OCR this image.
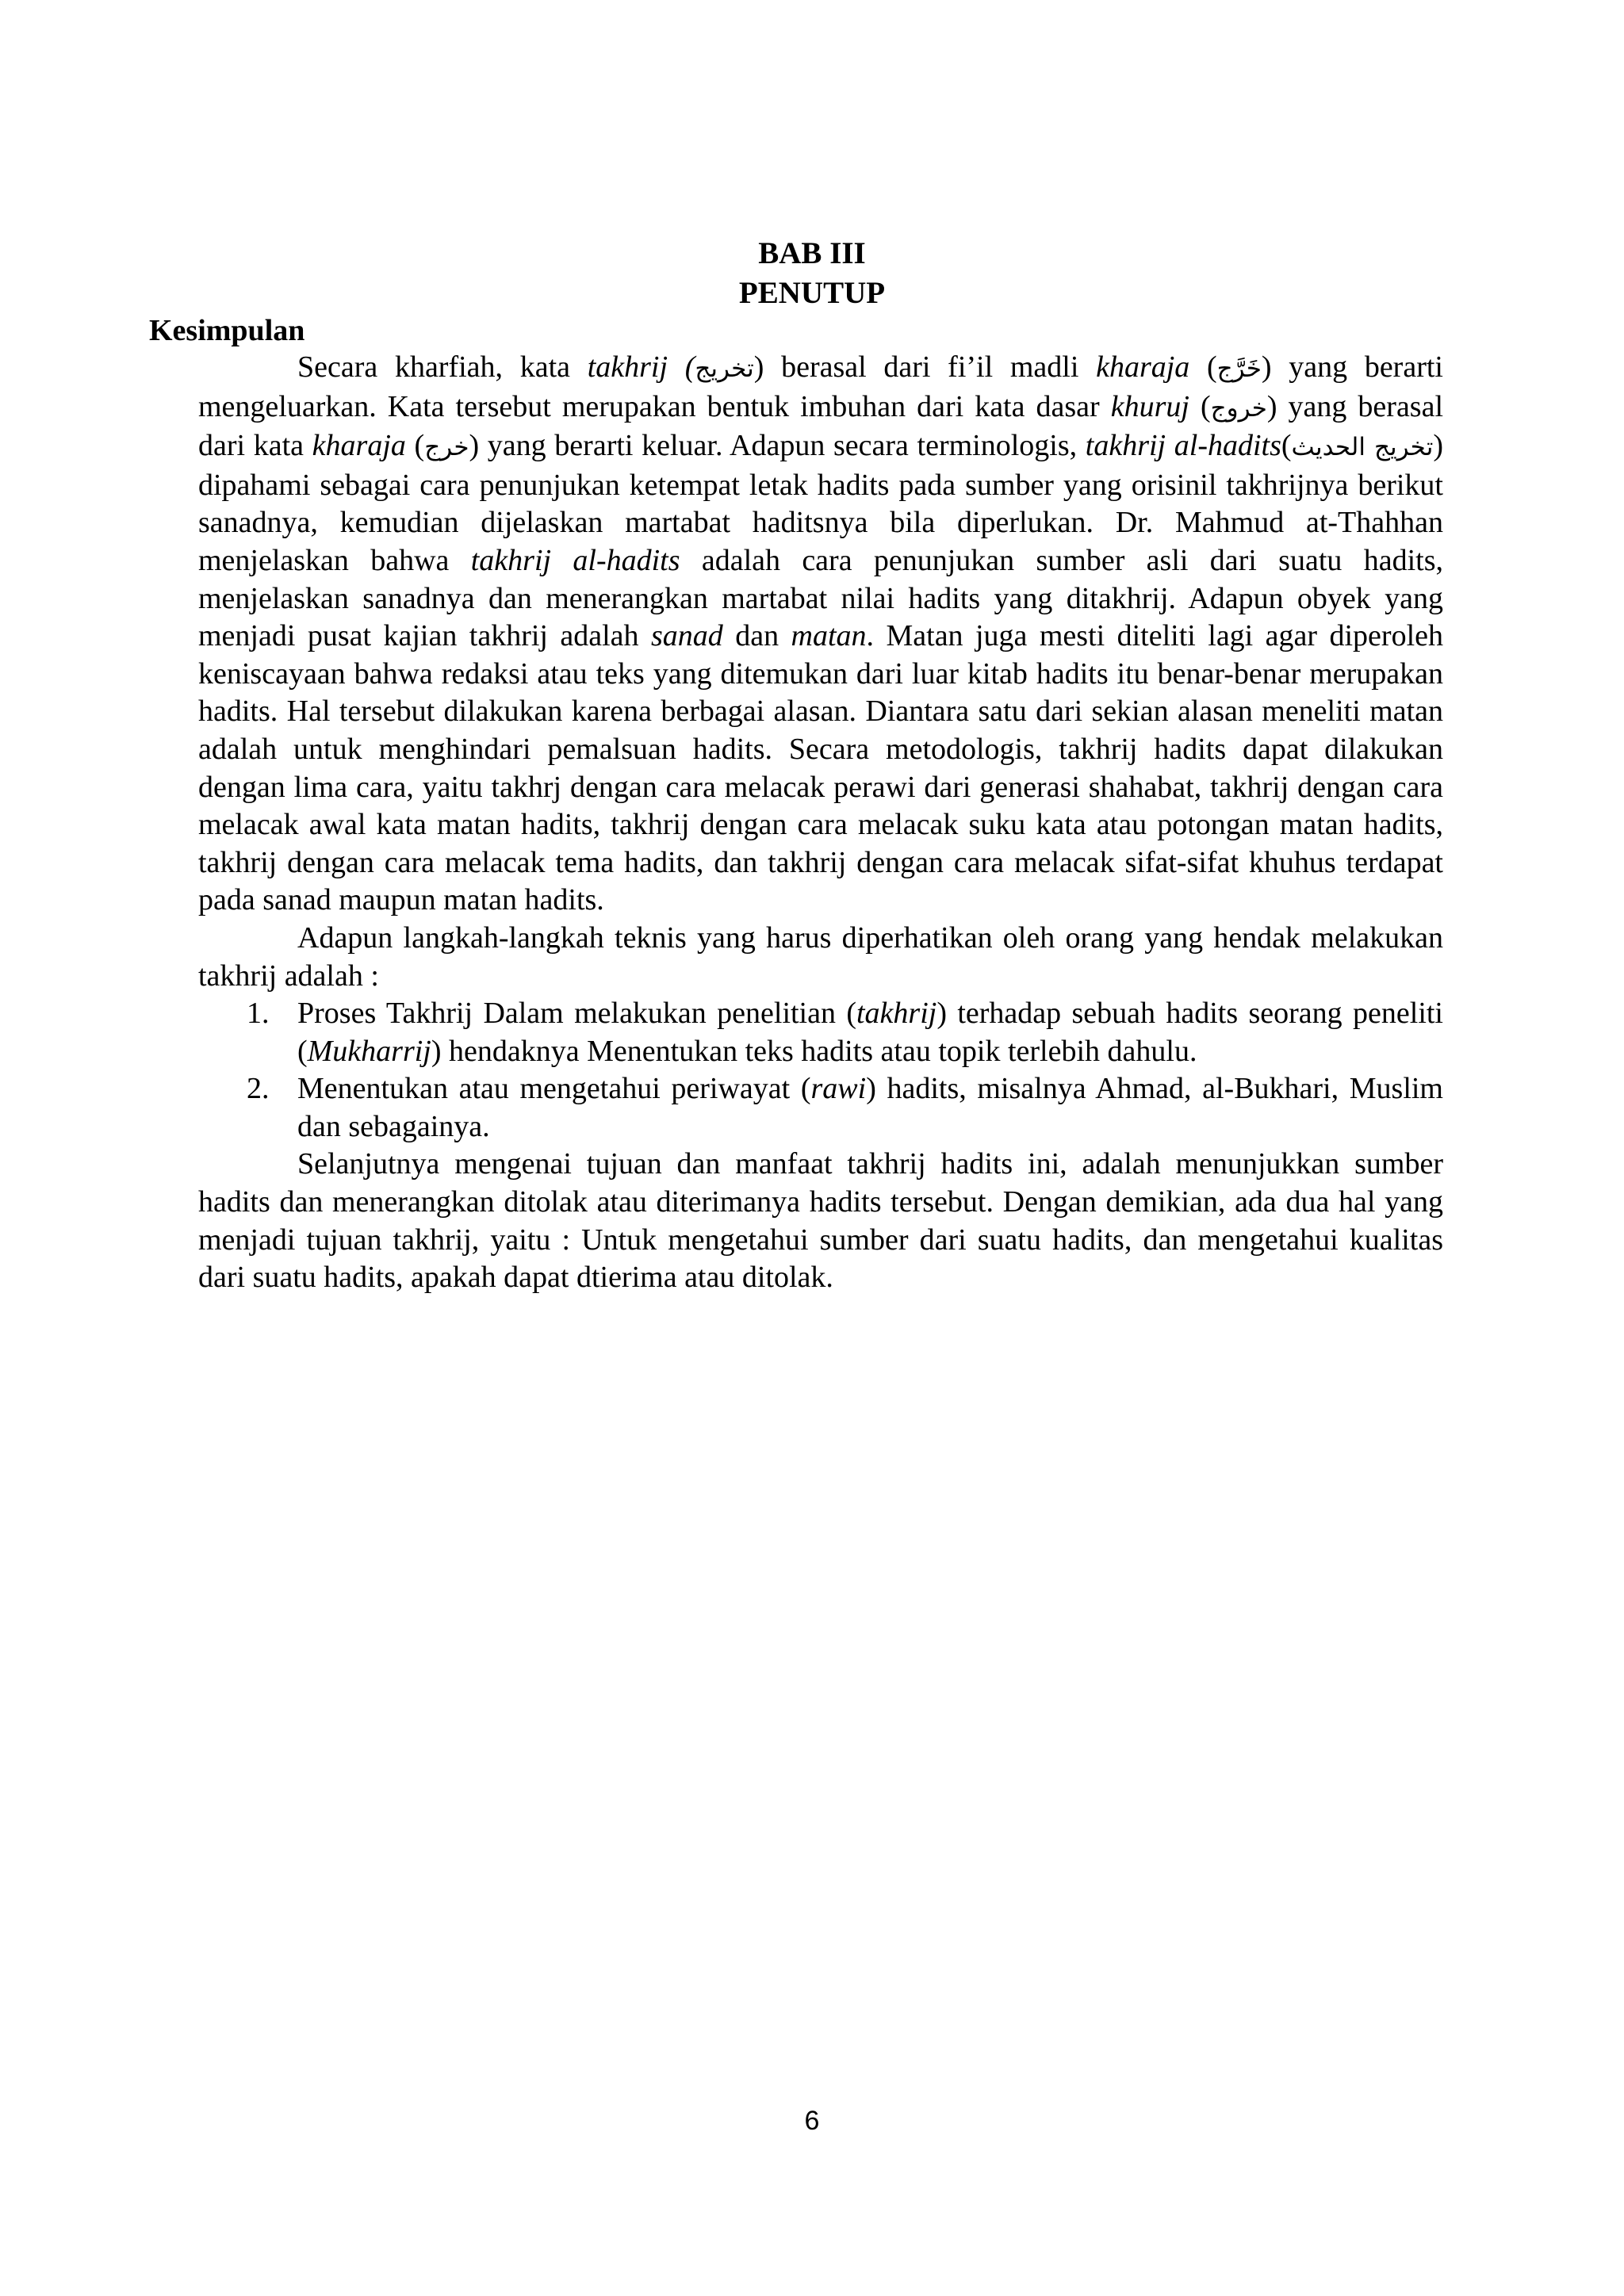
BAB III
PENUTUP
Kesimpulan

Secara kharfiah, kata takhrij (تخريج) berasal dari fi’il madli kharaja (خَرَّج) yang berarti mengeluarkan. Kata tersebut merupakan bentuk imbuhan dari kata dasar khuruj (خروج) yang berasal dari kata kharaja (خرج) yang berarti keluar. Adapun secara terminologis, takhrij al-hadits(تخريج الحديث) dipahami sebagai cara penunjukan ketempat letak hadits pada sumber yang orisinil takhrijnya berikut sanadnya, kemudian dijelaskan martabat haditsnya bila diperlukan. Dr. Mahmud at-Thahhan menjelaskan bahwa takhrij al-hadits adalah cara penunjukan sumber asli dari suatu hadits, menjelaskan sanadnya dan menerangkan martabat nilai hadits yang ditakhrij. Adapun obyek yang menjadi pusat kajian takhrij adalah sanad dan matan. Matan juga mesti diteliti lagi agar diperoleh keniscayaan bahwa redaksi atau teks yang ditemukan dari luar kitab hadits itu benar-benar merupakan hadits. Hal tersebut dilakukan karena berbagai alasan. Diantara satu dari sekian alasan meneliti matan adalah untuk menghindari pemalsuan hadits. Secara metodologis, takhrij hadits dapat dilakukan dengan lima cara, yaitu takhrj dengan cara melacak perawi dari generasi shahabat, takhrij dengan cara melacak awal kata matan hadits, takhrij dengan cara melacak suku kata atau potongan matan hadits, takhrij dengan cara melacak tema hadits, dan takhrij dengan cara melacak sifat-sifat khuhus terdapat pada sanad maupun matan hadits.

Adapun langkah-langkah teknis yang harus diperhatikan oleh orang yang hendak melakukan takhrij adalah :

1. Proses Takhrij Dalam melakukan penelitian (takhrij) terhadap sebuah hadits seorang peneliti (Mukharrij) hendaknya Menentukan teks hadits atau topik terlebih dahulu.
2. Menentukan atau mengetahui periwayat (rawi) hadits, misalnya Ahmad, al-Bukhari, Muslim dan sebagainya.

Selanjutnya mengenai tujuan dan manfaat takhrij hadits ini, adalah menunjukkan sumber hadits dan menerangkan ditolak atau diterimanya hadits tersebut. Dengan demikian, ada dua hal yang menjadi tujuan takhrij, yaitu : Untuk mengetahui sumber dari suatu hadits, dan mengetahui kualitas dari suatu hadits, apakah dapat dtierima atau ditolak.

6
